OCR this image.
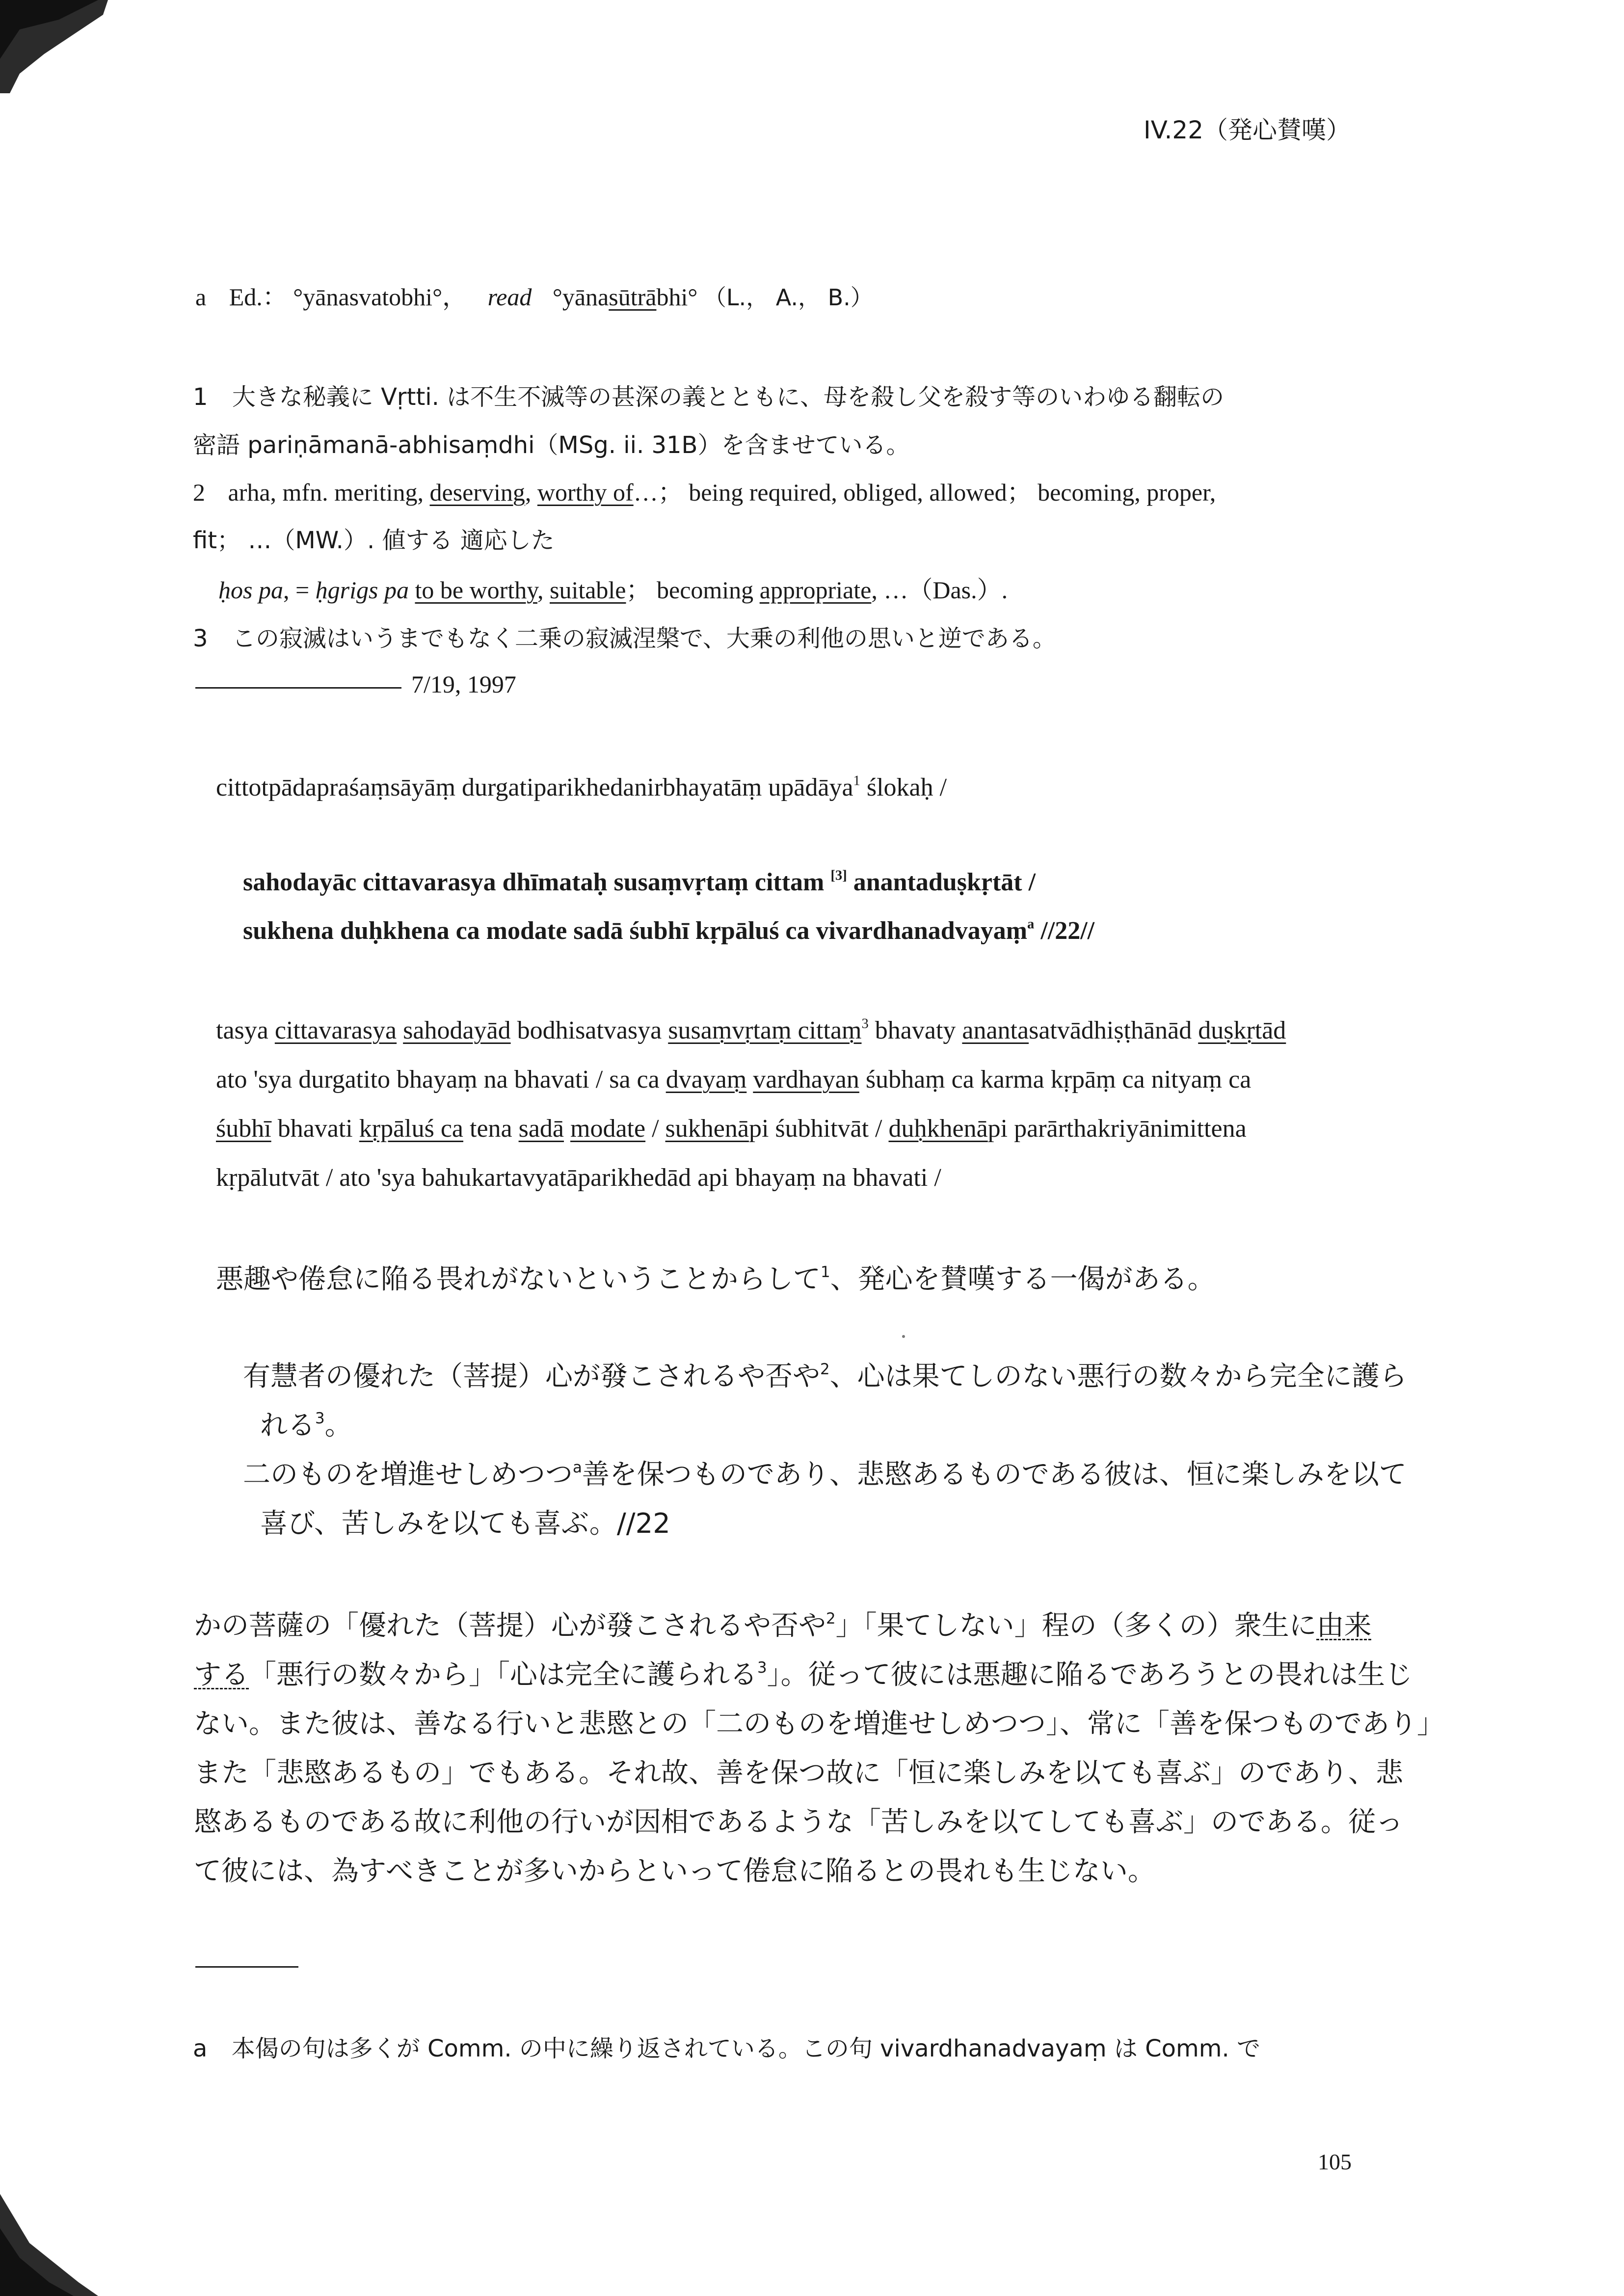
IV.22（発心賛嘆）
a Ed.： °yānasvatobhi°， read °yānasūtrābhi° （L.， A.， B.）
1 大きな秘義に Vṛtti. は不生不滅等の甚深の義とともに、母を殺し父を殺す等のいわゆる翻転の
密語 pariṇāmanā-abhisaṃdhi（MSg. ii. 31B）を含ませている。
2 arha, mfn. meriting, deserving, worthy of…； being required, obliged, allowed； becoming, proper,
fit； …（MW.）. 値する 適応した
ḥos pa, = ḥgrigs pa to be worthy, suitable； becoming appropriate, …（Das.）.
3 この寂滅はいうまでもなく二乗の寂滅涅槃で、大乗の利他の思いと逆である。
7/19, 1997
cittotpādapraśaṃsāyāṃ durgatiparikhedanirbhayatāṃ upādāya$^1$ ślokaḥ /
sahodayāc cittavarasya dhīmataḥ susaṃvṛtaṃ cittam [3] anantaduṣkṛtāt /
sukhena duḥkhena ca modate sadā śubhī kṛpāluś ca vivardhanadvayaṃ$^a$ //22//
tasya cittavarasya sahodayād bodhisatvasya susaṃvṛtaṃ cittaṃ$^3$ bhavaty anantasatvādhiṣṭhānād duṣkṛtād
ato 'sya durgatito bhayaṃ na bhavati / sa ca dvayaṃ vardhayan śubhaṃ ca karma kṛpāṃ ca nityaṃ ca
śubhī bhavati kṛpāluś ca tena sadā modate / sukhenāpi śubhitvāt / duḥkhenāpi parārthakriyānimittena
kṛpālutvāt / ato 'sya bahukartavyatāparikhedād api bhayaṃ na bhavati /
悪趣や倦怠に陥る畏れがないということからして$^1$、発心を賛嘆する一偈がある。
有慧者の優れた（菩提）心が發こされるや否や$^2$、心は果てしのない悪行の数々から完全に護ら
れる$^3$。
二のものを増進せしめつつ$^a$善を保つものであり、悲愍あるものである彼は、恒に楽しみを以て
喜び、苦しみを以ても喜ぶ。//22
かの菩薩の「優れた（菩提）心が發こされるや否や$^2$」「果てしない」程の（多くの）衆生に由来
する「悪行の数々から」「心は完全に護られる$^3$」。従って彼には悪趣に陥るであろうとの畏れは生じ
ない。また彼は、善なる行いと悲愍との「二のものを増進せしめつつ」、常に「善を保つものであり」
また「悲愍あるもの」でもある。それ故、善を保つ故に「恒に楽しみを以ても喜ぶ」のであり、悲
愍あるものである故に利他の行いが因相であるような「苦しみを以てしても喜ぶ」のである。従っ
て彼には、為すべきことが多いからといって倦怠に陥るとの畏れも生じない。
a 本偈の句は多くが Comm. の中に繰り返されている。この句 vivardhanadvayaṃ は Comm. で
105
